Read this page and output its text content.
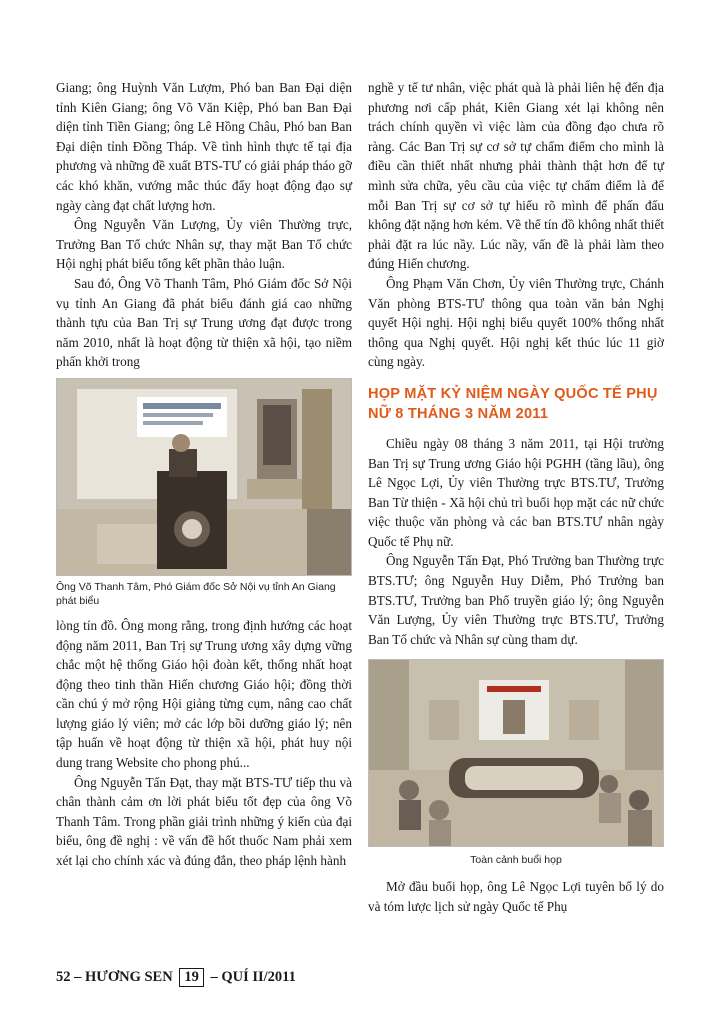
Giang; ông Huỳnh Văn Lượm, Phó ban Ban Đại diện tỉnh Kiên Giang; ông Võ Văn Kiệp, Phó ban Ban Đại diện tỉnh Tiền Giang; ông Lê Hồng Châu, Phó ban Ban Đại diện tỉnh Đồng Tháp. Về tình hình thực tế tại địa phương và những đề xuất BTS-TƯ có giải pháp tháo gỡ các khó khăn, vướng mắc thúc đẩy hoạt động đạo sự ngày càng đạt chất lượng hơn.

Ông Nguyễn Văn Lượng, Ủy viên Thường trực, Trưởng Ban Tổ chức Nhân sự, thay mặt Ban Tổ chức Hội nghị phát biểu tổng kết phần thảo luận.

Sau đó, Ông Võ Thanh Tâm, Phó Giám đốc Sở Nội vụ tỉnh An Giang đã phát biểu đánh giá cao những thành tựu của Ban Trị sự Trung ương đạt được trong năm 2010, nhất là hoạt động từ thiện xã hội, tạo niềm phấn khởi trong

Ông Võ Thanh Tâm, Phó Giám đốc Sở Nội vụ tỉnh An Giang phát biểu

lòng tín đồ. Ông mong rằng, trong định hướng các hoạt động năm 2011, Ban Trị sự Trung ương xây dựng vững chắc một hệ thống Giáo hội đoàn kết, thống nhất hoạt động theo tinh thần Hiến chương Giáo hội; đồng thời cần chú ý mở rộng Hội giảng từng cụm, nâng cao chất lượng giáo lý viên; mở các lớp bồi dưỡng giáo lý; nên tập huấn về hoạt động từ thiện xã hội, phát huy nội dung trang Website cho phong phú...

Ông Nguyễn Tấn Đạt, thay mặt BTS-TƯ tiếp thu và chân thành cảm ơn lời phát biểu tốt đẹp của ông Võ Thanh Tâm. Trong phần giải trình những ý kiến của đại biểu, ông đề nghị : về vấn đề hốt thuốc Nam phải xem xét lại cho chính xác và đúng đắn, theo pháp lệnh hành

nghề y tế tư nhân, việc phát quà là phải liên hệ đến địa phương nơi cấp phát, Kiên Giang xét lại không nên trách chính quyền vì việc làm của đồng đạo chưa rõ ràng. Các Ban Trị sự cơ sở tự chấm điểm cho mình là điều cần thiết nhất nhưng phải thành thật hơn để tự mình sửa chữa, yêu cầu của việc tự chấm điểm là để mỗi Ban Trị sự cơ sở tự hiểu rõ mình để phấn đấu không đặt nặng hơn kém. Về thể tín đồ không nhất thiết phải đặt ra lúc nầy. Lúc nầy, vấn đề là phải làm theo đúng Hiến chương.

Ông Phạm Văn Chơn, Ủy viên Thường trực, Chánh Văn phòng BTS-TƯ thông qua toàn văn bản Nghị quyết Hội nghị. Hội nghị biểu quyết 100% thống nhất thông qua Nghị quyết. Hội nghị kết thúc lúc 11 giờ cùng ngày.

HỌP MẶT KỶ NIỆM NGÀY QUỐC TẾ PHỤ NỮ 8 THÁNG 3 NĂM 2011

Chiều ngày 08 tháng 3 năm 2011, tại Hội trường Ban Trị sự Trung ương Giáo hội PGHH (tầng lầu), ông Lê Ngọc Lợi, Ủy viên Thường trực BTS.TƯ, Trưởng Ban Từ thiện - Xã hội chủ trì buổi họp mặt các nữ chức việc thuộc văn phòng và các ban BTS.TƯ nhân ngày Quốc tế Phụ nữ.

Ông Nguyễn Tấn Đạt, Phó Trưởng ban Thường trực BTS.TƯ; ông Nguyễn Huy Diễm, Phó Trưởng ban BTS.TƯ, Trưởng ban Phổ truyền giáo lý; ông Nguyễn Văn Lượng, Ủy viên Thường trực BTS.TƯ, Trưởng Ban Tổ chức và Nhân sự cùng tham dự.

Toàn cảnh buổi họp

Mở đầu buổi họp, ông Lê Ngọc Lợi tuyên bố lý do và tóm lược lịch sử ngày Quốc tế Phụ

52 – HƯƠNG SEN 19 – QUÍ II/2011
